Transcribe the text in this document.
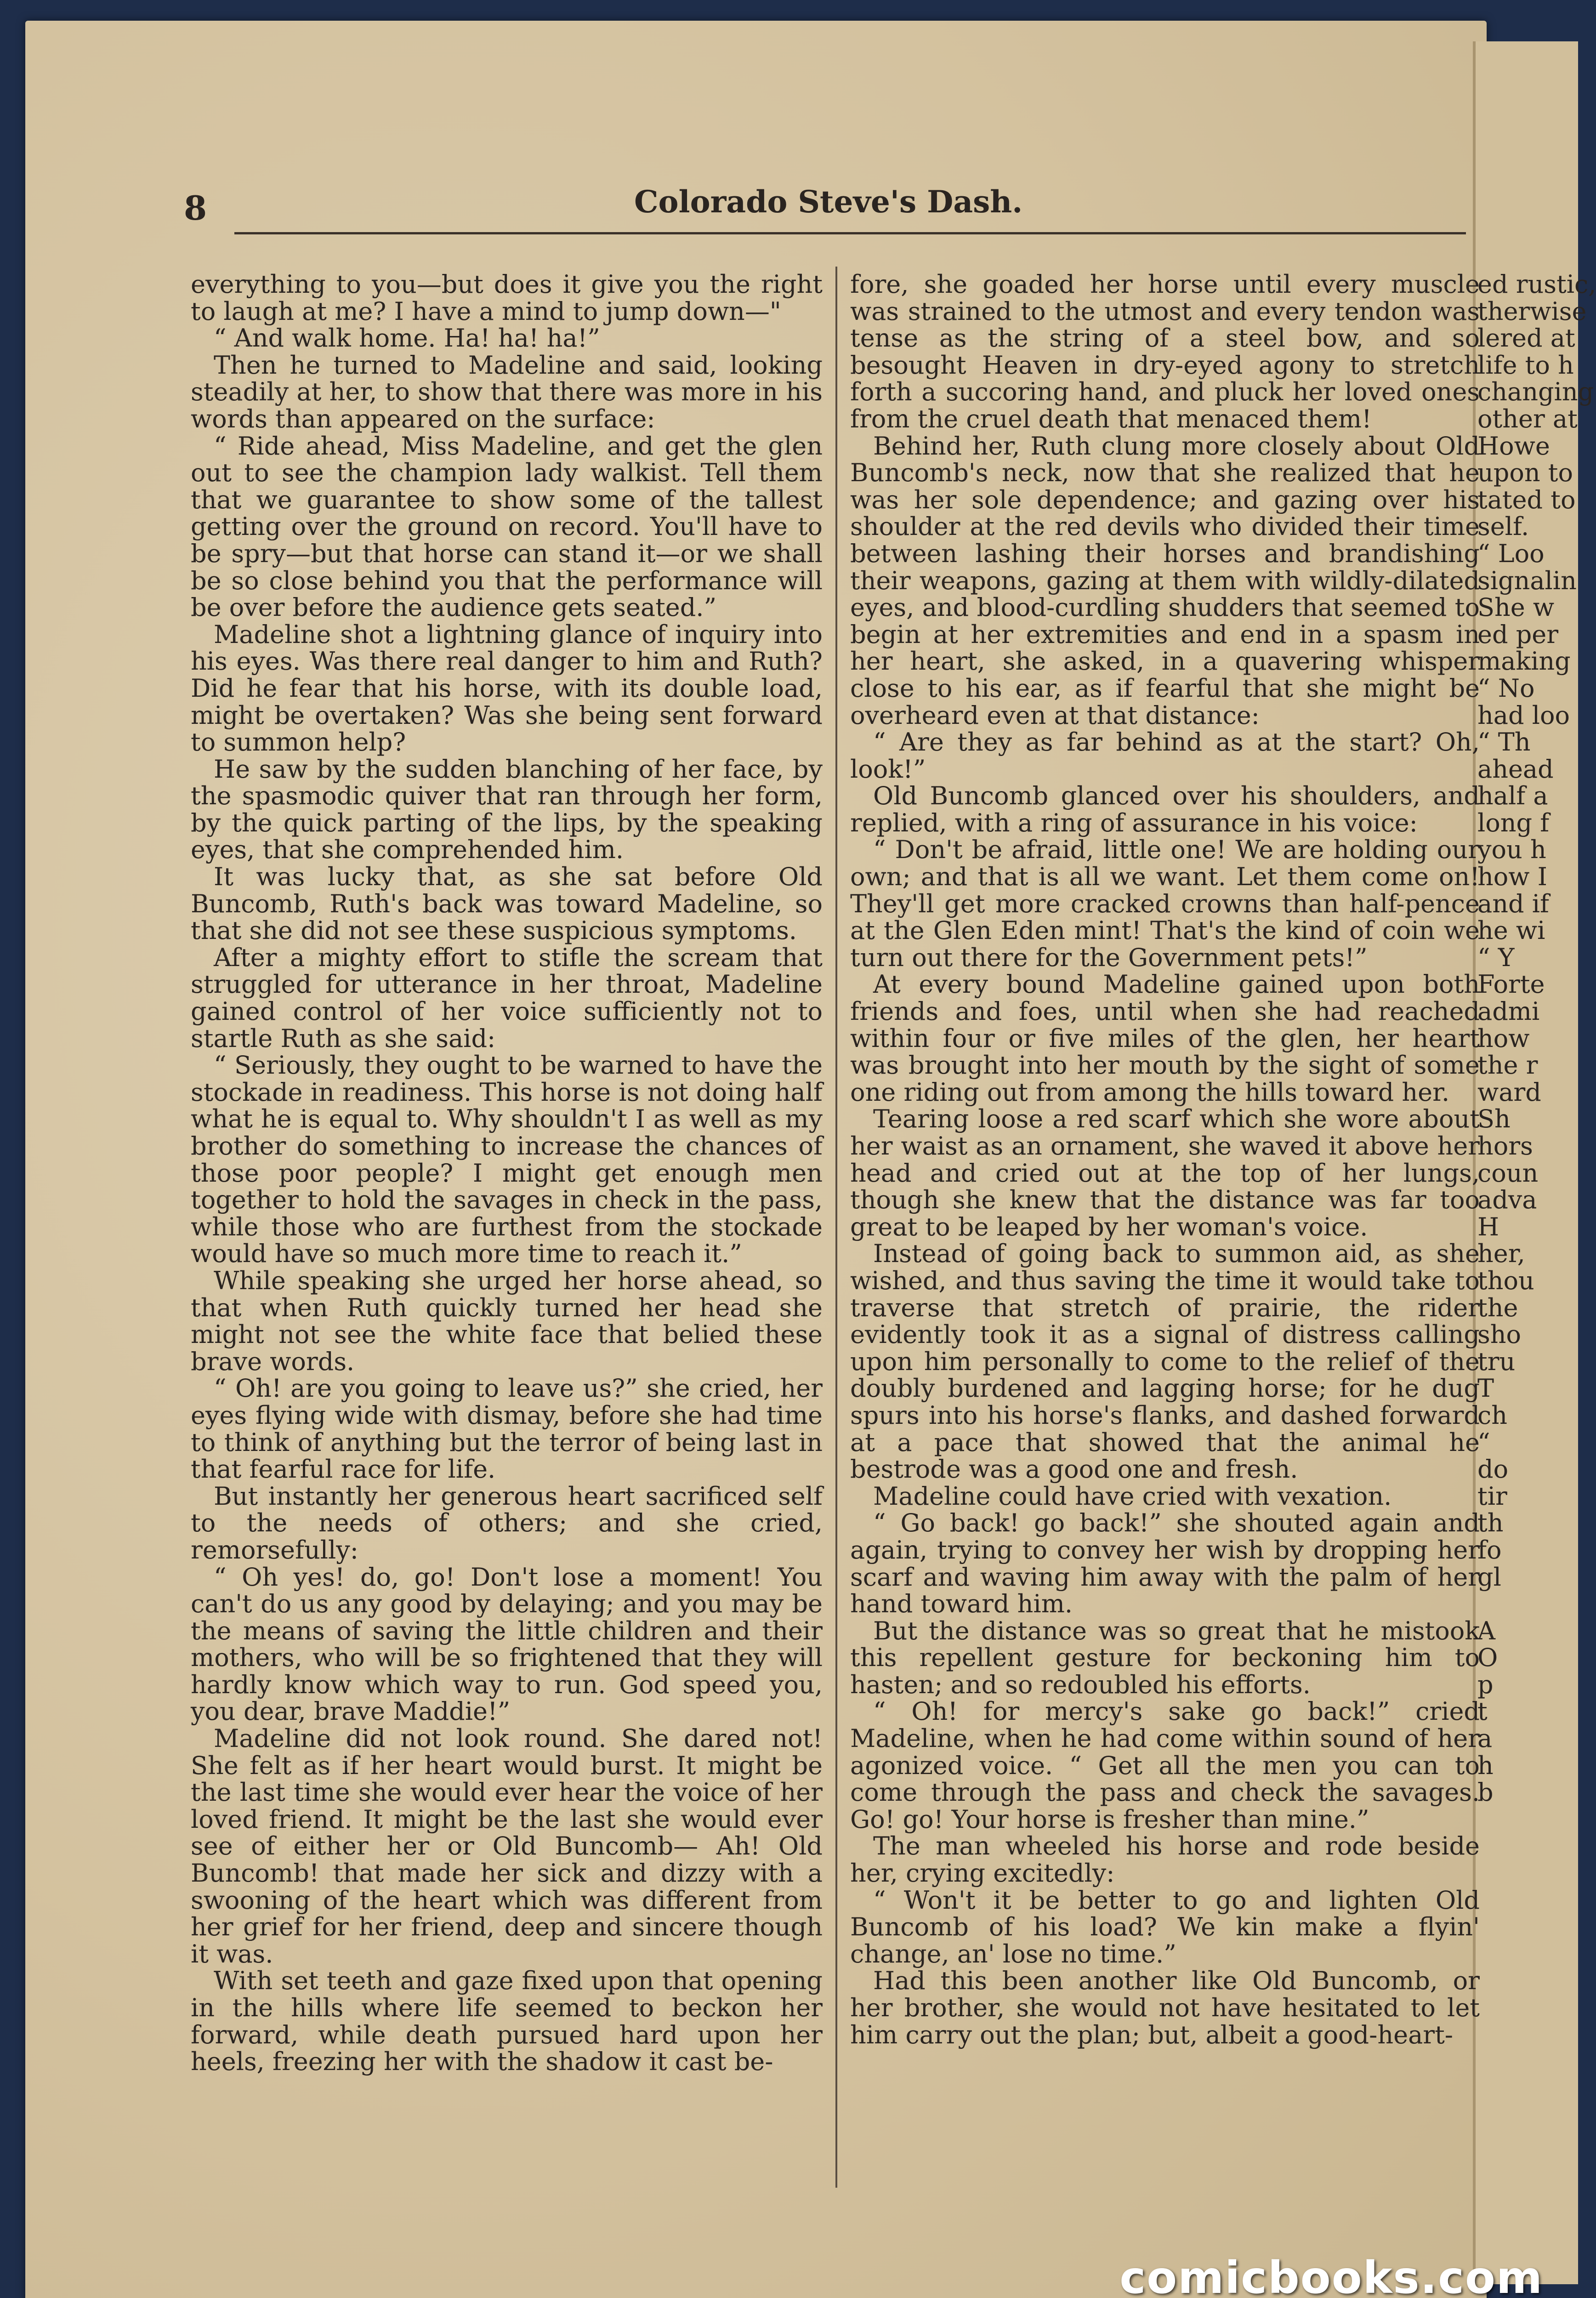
8	Colorado Steve's Dash.

everything to you—but does it give you the right to laugh at me? I have a mind to jump down—"

“ And walk home. Ha! ha! ha!”

Then he turned to Madeline and said, looking steadily at her, to show that there was more in his words than appeared on the surface:

“ Ride ahead, Miss Madeline, and get the glen out to see the champion lady walkist. Tell them that we guarantee to show some of the tallest getting over the ground on record. You'll have to be spry—but that horse can stand it—or we shall be so close behind you that the performance will be over before the audience gets seated.”

Madeline shot a lightning glance of inquiry into his eyes. Was there real danger to him and Ruth? Did he fear that his horse, with its double load, might be overtaken? Was she being sent forward to summon help?

He saw by the sudden blanching of her face, by the spasmodic quiver that ran through her form, by the quick parting of the lips, by the speaking eyes, that she comprehended him.

It was lucky that, as she sat before Old Buncomb, Ruth's back was toward Madeline, so that she did not see these suspicious symptoms.

After a mighty effort to stifle the scream that struggled for utterance in her throat, Madeline gained control of her voice sufficiently not to startle Ruth as she said:

“ Seriously, they ought to be warned to have the stockade in readiness. This horse is not doing half what he is equal to. Why shouldn't I as well as my brother do something to increase the chances of those poor people? I might get enough men together to hold the savages in check in the pass, while those who are furthest from the stockade would have so much more time to reach it.”

While speaking she urged her horse ahead, so that when Ruth quickly turned her head she might not see the white face that belied these brave words.

“ Oh! are you going to leave us?” she cried, her eyes flying wide with dismay, before she had time to think of anything but the terror of being last in that fearful race for life.

But instantly her generous heart sacrificed self to the needs of others; and she cried, remorsefully:

“ Oh yes! do, go! Don't lose a moment! You can't do us any good by delaying; and you may be the means of saving the little children and their mothers, who will be so frightened that they will hardly know which way to run. God speed you, you dear, brave Maddie!”

Madeline did not look round. She dared not! She felt as if her heart would burst. It might be the last time she would ever hear the voice of her loved friend. It might be the last she would ever see of either her or Old Buncomb— Ah! Old Buncomb! that made her sick and dizzy with a swooning of the heart which was different from her grief for her friend, deep and sincere though it was.

With set teeth and gaze fixed upon that opening in the hills where life seemed to beckon her forward, while death pursued hard upon her heels, freezing her with the shadow it cast be-

fore, she goaded her horse until every muscle was strained to the utmost and every tendon was tense as the string of a steel bow, and so besought Heaven in dry-eyed agony to stretch forth a succoring hand, and pluck her loved ones from the cruel death that menaced them!

Behind her, Ruth clung more closely about Old Buncomb's neck, now that she realized that he was her sole dependence; and gazing over his shoulder at the red devils who divided their time between lashing their horses and brandishing their weapons, gazing at them with wildly-dilated eyes, and blood-curdling shudders that seemed to begin at her extremities and end in a spasm in her heart, she asked, in a quavering whisper close to his ear, as if fearful that she might be overheard even at that distance:

“ Are they as far behind as at the start? Oh, look!”

Old Buncomb glanced over his shoulders, and replied, with a ring of assurance in his voice:

“ Don't be afraid, little one! We are holding our own; and that is all we want. Let them come on! They'll get more cracked crowns than half-pence at the Glen Eden mint! That's the kind of coin we turn out there for the Government pets!”

At every bound Madeline gained upon both friends and foes, until when she had reached within four or five miles of the glen, her heart was brought into her mouth by the sight of some one riding out from among the hills toward her.

Tearing loose a red scarf which she wore about her waist as an ornament, she waved it above her head and cried out at the top of her lungs, though she knew that the distance was far too great to be leaped by her woman's voice.

Instead of going back to summon aid, as she wished, and thus saving the time it would take to traverse that stretch of prairie, the rider evidently took it as a signal of distress calling upon him personally to come to the relief of the doubly burdened and lagging horse; for he dug spurs into his horse's flanks, and dashed forward at a pace that showed that the animal he bestrode was a good one and fresh.

Madeline could have cried with vexation.

“ Go back! go back!” she shouted again and again, trying to convey her wish by dropping her scarf and waving him away with the palm of her hand toward him.

But the distance was so great that he mistook this repellent gesture for beckoning him to hasten; and so redoubled his efforts.

“ Oh! for mercy's sake go back!” cried Madeline, when he had come within sound of her agonized voice. “ Get all the men you can to come through the pass and check the savages. Go! go! Your horse is fresher than mine.”

The man wheeled his horse and rode beside her, crying excitedly:

“ Won't it be better to go and lighten Old Buncomb of his load? We kin make a flyin' change, an' lose no time.”

Had this been another like Old Buncomb, or her brother, she would not have hesitated to let him carry out the plan; but, albeit a good-heart-

ed rustic,
therwise
lered at
life to h
changing
other at
Howe
upon to
tated to
self.
“ Loo
signalin
She w
ed per
making
“ No
had loo
“ Th
ahead
half a
long f
you h
how I
and if
he wi
“ Y
Forte
admi
how
the r
ward
Sh
hors
coun
adva
H
her,
thou
the
sho
tru
T
ch
“
do
tir
th
fo
gl
A
O
p
t
a
h
b
comicbooks.com
